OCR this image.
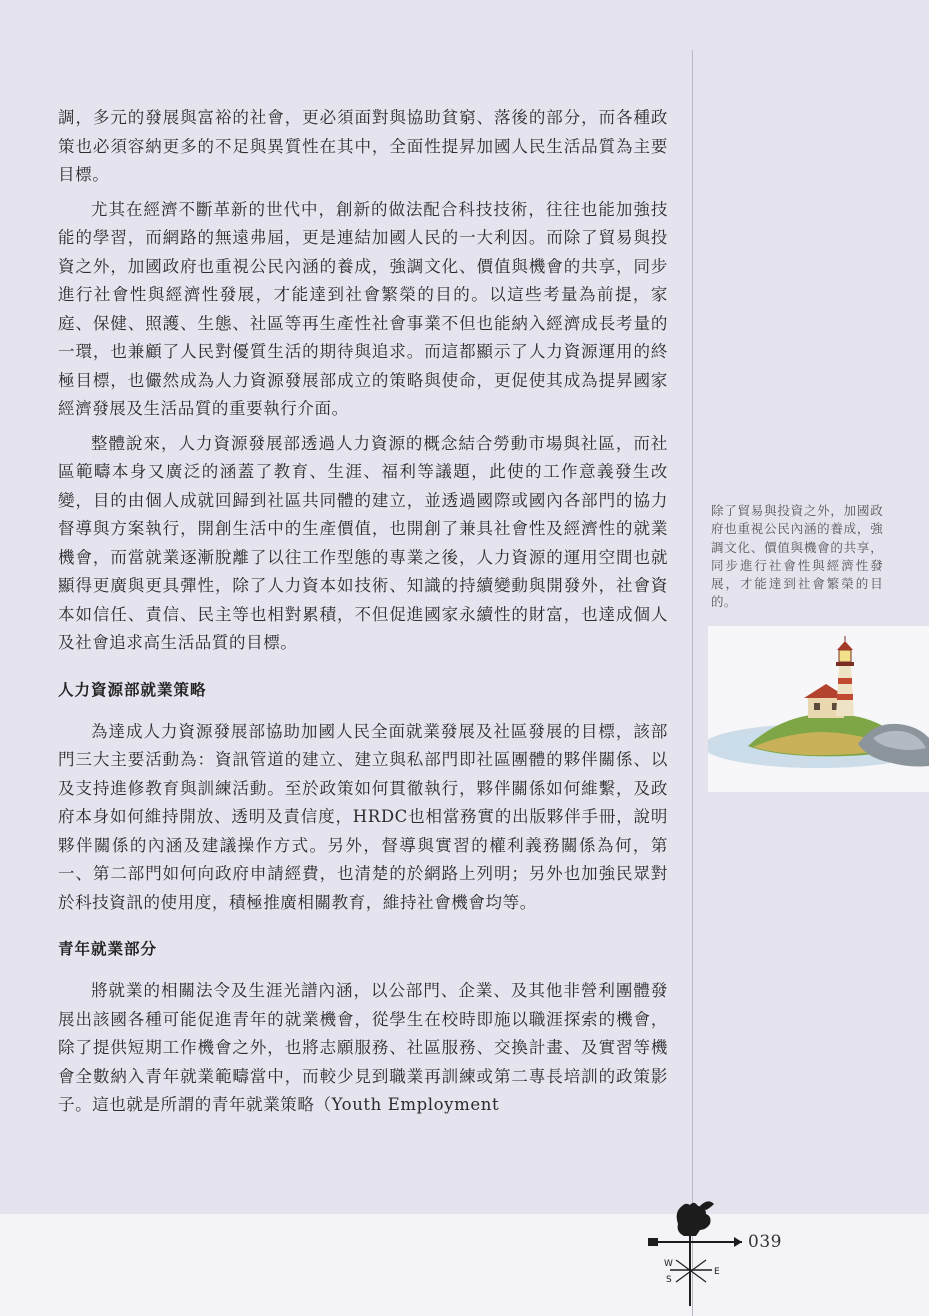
調，多元的發展與富裕的社會，更必須面對與協助貧窮、落後的部分，而各種政策也必須容納更多的不足與異質性在其中，全面性提昇加國人民生活品質為主要目標。

尤其在經濟不斷革新的世代中，創新的做法配合科技技術，往往也能加強技能的學習，而網路的無遠弗屆，更是連結加國人民的一大利因。而除了貿易與投資之外，加國政府也重視公民內涵的養成，強調文化、價值與機會的共享，同步進行社會性與經濟性發展，才能達到社會繁榮的目的。以這些考量為前提，家庭、保健、照護、生態、社區等再生產性社會事業不但也能納入經濟成長考量的一環，也兼顧了人民對優質生活的期待與追求。而這都顯示了人力資源運用的終極目標，也儼然成為人力資源發展部成立的策略與使命，更促使其成為提昇國家經濟發展及生活品質的重要執行介面。

整體說來，人力資源發展部透過人力資源的概念結合勞動市場與社區，而社區範疇本身又廣泛的涵蓋了教育、生涯、福利等議題，此使的工作意義發生改變，目的由個人成就回歸到社區共同體的建立，並透過國際或國內各部門的協力督導與方案執行，開創生活中的生產價值，也開創了兼具社會性及經濟性的就業機會，而當就業逐漸脫離了以往工作型態的專業之後，人力資源的運用空間也就顯得更廣與更具彈性，除了人力資本如技術、知識的持續變動與開發外，社會資本如信任、責信、民主等也相對累積，不但促進國家永續性的財富，也達成個人及社會追求高生活品質的目標。

人力資源部就業策略

為達成人力資源發展部協助加國人民全面就業發展及社區發展的目標，該部門三大主要活動為：資訊管道的建立、建立與私部門即社區團體的夥伴關係、以及支持進修教育與訓練活動。至於政策如何貫徹執行，夥伴關係如何維繫，及政府本身如何維持開放、透明及責信度，HRDC也相當務實的出版夥伴手冊，說明夥伴關係的內涵及建議操作方式。另外，督導與實習的權利義務關係為何，第一、第二部門如何向政府申請經費，也清楚的於網路上列明；另外也加強民眾對於科技資訊的使用度，積極推廣相關教育，維持社會機會均等。

青年就業部分

將就業的相關法令及生涯光譜內涵，以公部門、企業、及其他非營利團體發展出該國各種可能促進青年的就業機會，從學生在校時即施以職涯探索的機會，除了提供短期工作機會之外，也將志願服務、社區服務、交換計畫、及實習等機會全數納入青年就業範疇當中，而較少見到職業再訓練或第二專長培訓的政策影子。這也就是所謂的青年就業策略（Youth Employment

除了貿易與投資之外，加國政府也重視公民內涵的養成，強調文化、價值與機會的共享，同步進行社會性與經濟性發展，才能達到社會繁榮的目的。

W
S
E
039
